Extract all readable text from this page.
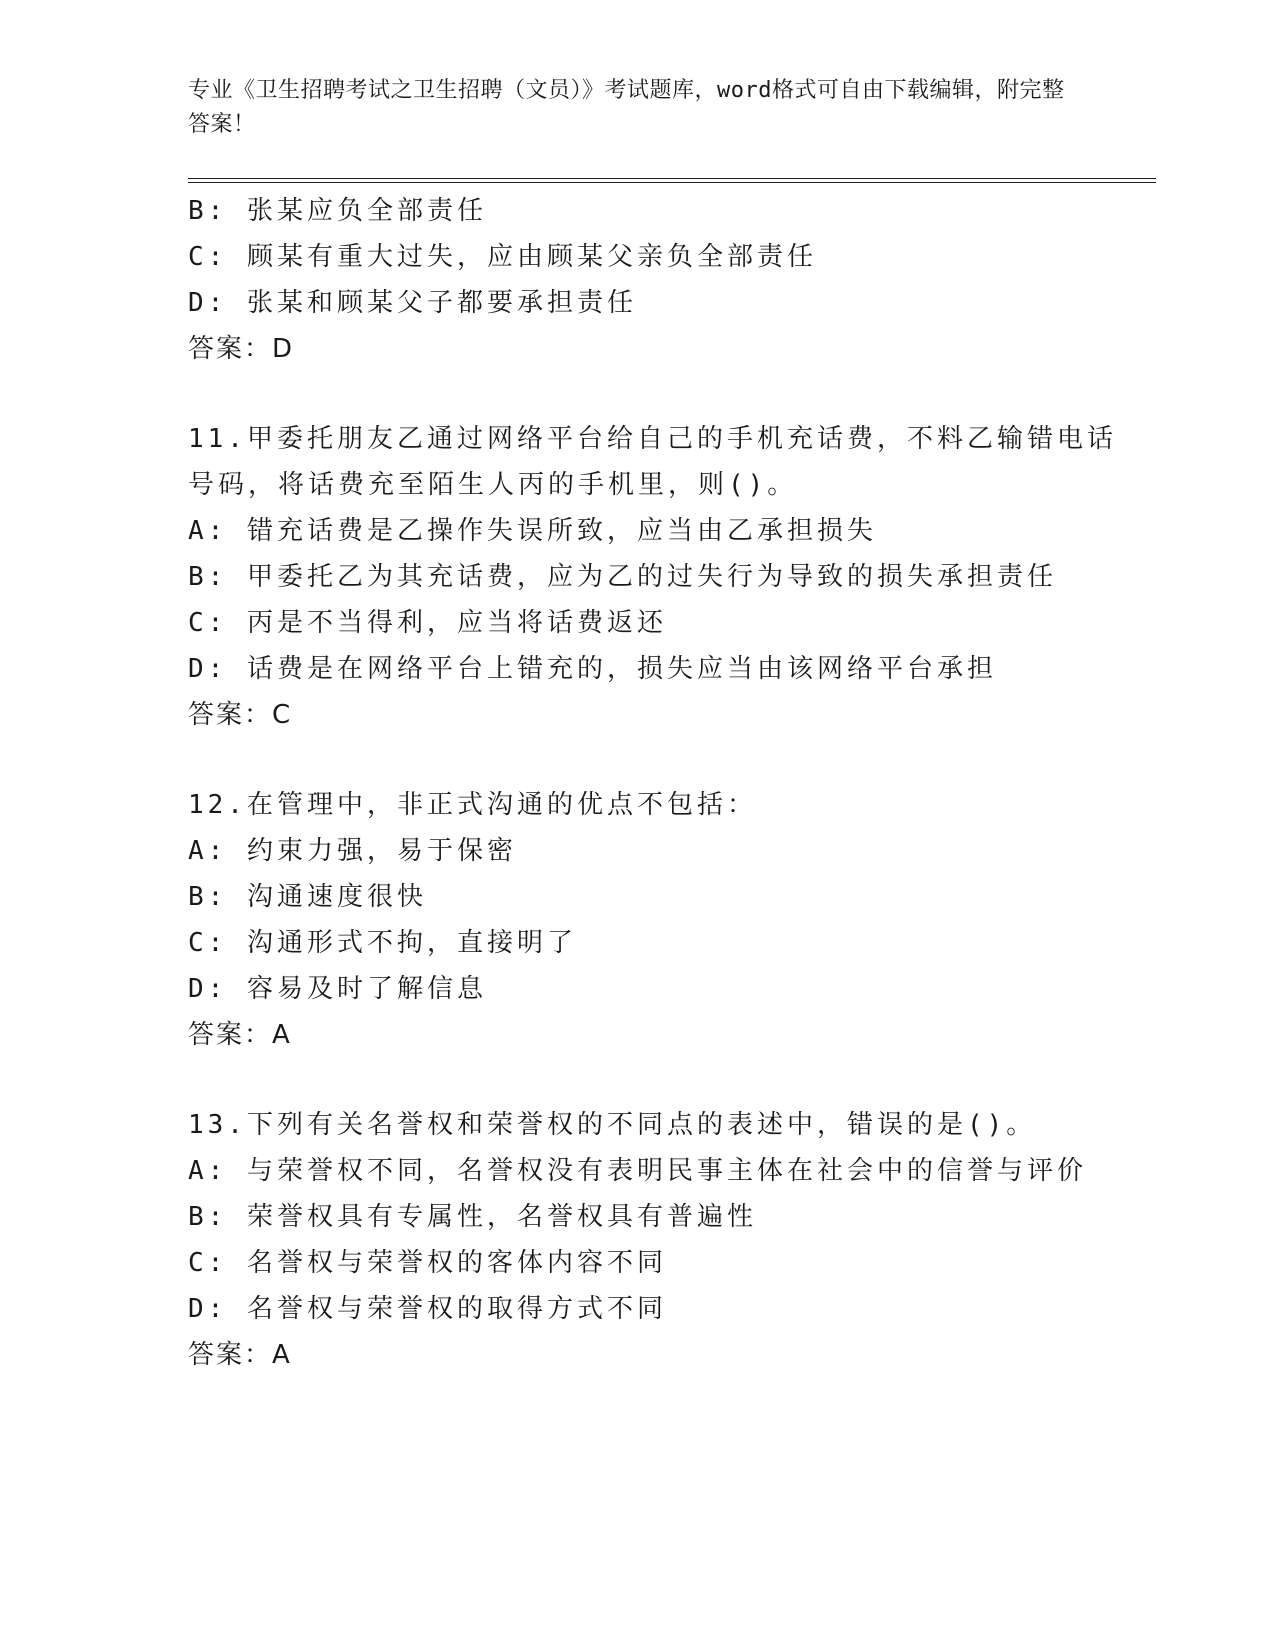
专业《卫生招聘考试之卫生招聘（文员）》考试题库，word格式可自由下载编辑，附完整答案！
B: 张某应负全部责任
C: 顾某有重大过失，应由顾某父亲负全部责任
D: 张某和顾某父子都要承担责任
答案：D
11.甲委托朋友乙通过网络平台给自己的手机充话费，不料乙输错电话
号码，将话费充至陌生人丙的手机里，则()。
A: 错充话费是乙操作失误所致，应当由乙承担损失
B: 甲委托乙为其充话费，应为乙的过失行为导致的损失承担责任
C: 丙是不当得利，应当将话费返还
D: 话费是在网络平台上错充的，损失应当由该网络平台承担
答案：C
12.在管理中，非正式沟通的优点不包括：
A: 约束力强，易于保密
B: 沟通速度很快
C: 沟通形式不拘，直接明了
D: 容易及时了解信息
答案：A
13.下列有关名誉权和荣誉权的不同点的表述中，错误的是()。
A: 与荣誉权不同，名誉权没有表明民事主体在社会中的信誉与评价
B: 荣誉权具有专属性，名誉权具有普遍性
C: 名誉权与荣誉权的客体内容不同
D: 名誉权与荣誉权的取得方式不同
答案：A
